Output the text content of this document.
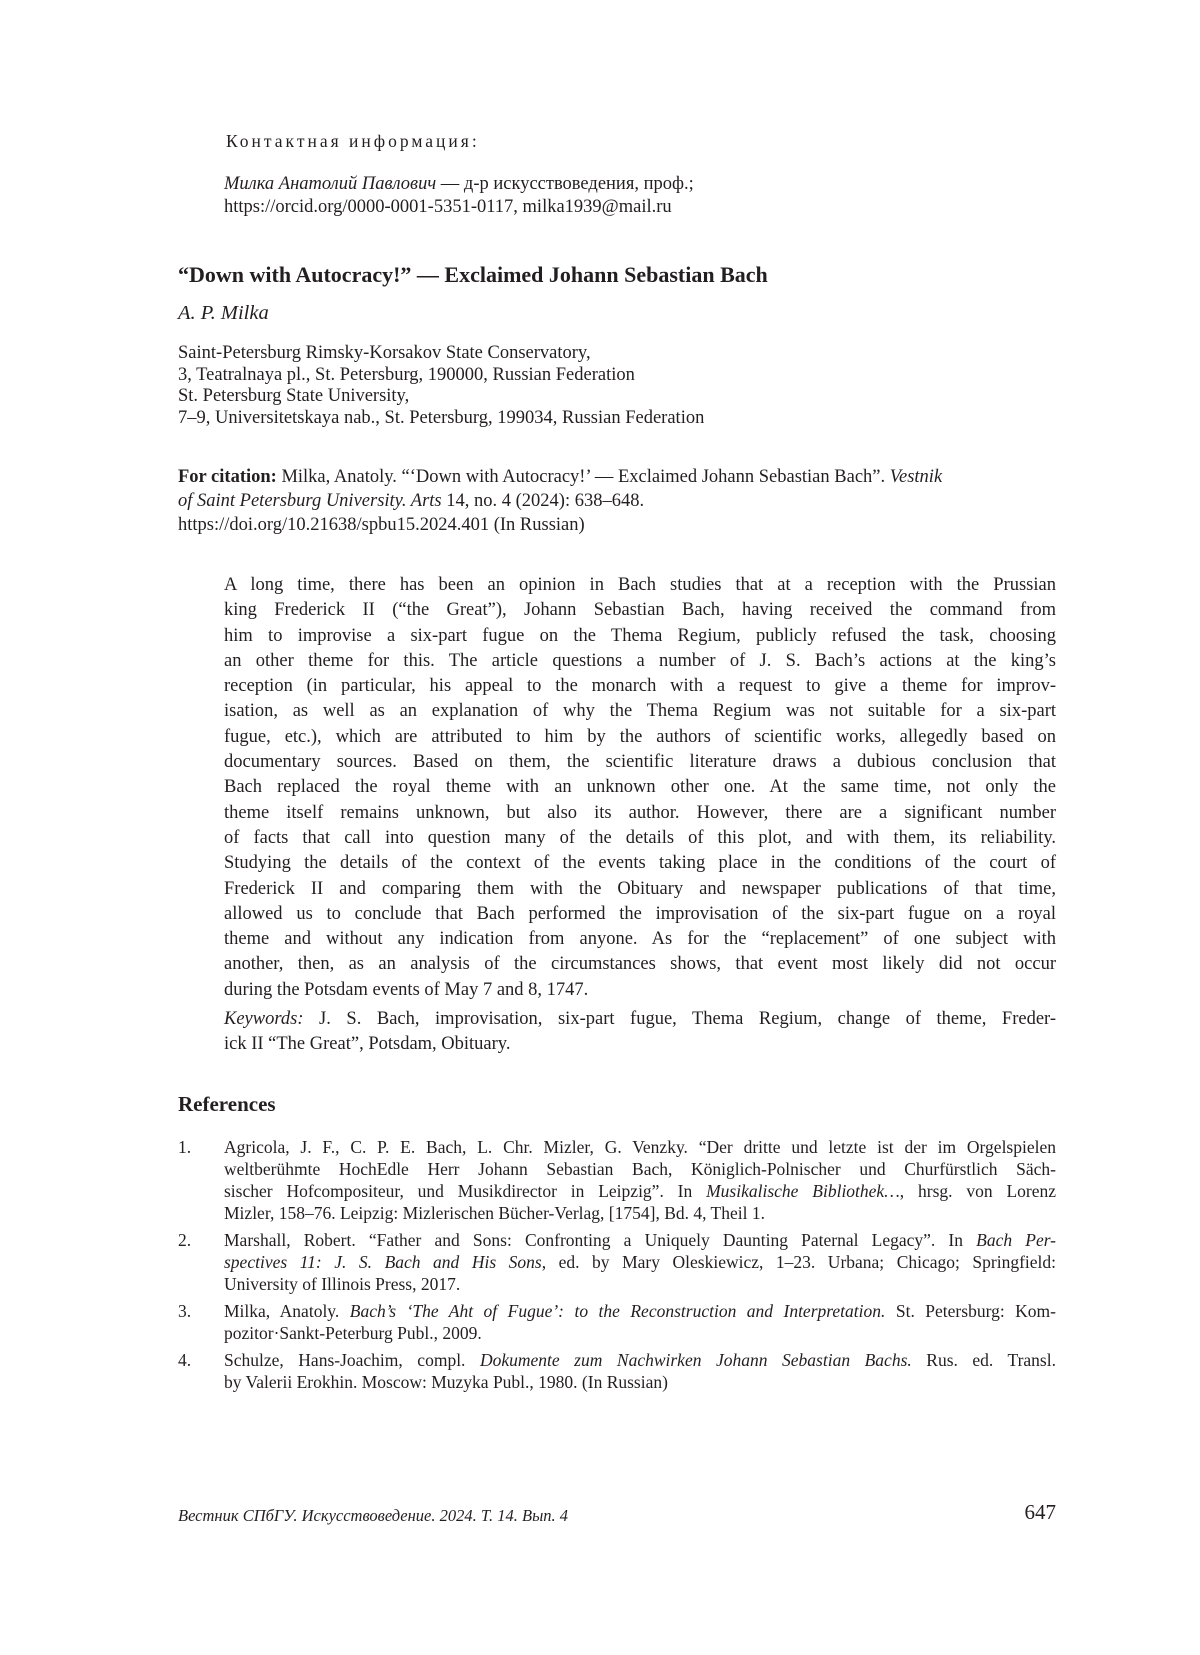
Контактная информация:
Милка Анатолий Павлович — д-р искусствоведения, проф.;
https://orcid.org/0000-0001-5351-0117, milka1939@mail.ru
“Down with Autocracy!” — Exclaimed Johann Sebastian Bach
A. P. Milka
Saint-Petersburg Rimsky-Korsakov State Conservatory,
3, Teatralnaya pl., St. Petersburg, 190000, Russian Federation
St. Petersburg State University,
7–9, Universitetskaya nab., St. Petersburg, 199034, Russian Federation
For citation: Milka, Anatoly. “‘Down with Autocracy!’ — Exclaimed Johann Sebastian Bach”. Vestnik
of Saint Petersburg University. Arts 14, no. 4 (2024): 638–648.
https://doi.org/10.21638/spbu15.2024.401 (In Russian)
A long time, there has been an opinion in Bach studies that at a reception with the Prussian
king Frederick II (“the Great”), Johann Sebastian Bach, having received the command from
him to improvise a six-part fugue on the Thema Regium, publicly refused the task, choosing
an other theme for this. The article questions a number of J. S. Bach’s actions at the king’s
reception (in particular, his appeal to the monarch with a request to give a theme for improv-
isation, as well as an explanation of why the Thema Regium was not suitable for a six-part
fugue, etc.), which are attributed to him by the authors of scientific works, allegedly based on
documentary sources. Based on them, the scientific literature draws a dubious conclusion that
Bach replaced the royal theme with an unknown other one. At the same time, not only the
theme itself remains unknown, but also its author. However, there are a significant number
of facts that call into question many of the details of this plot, and with them, its reliability.
Studying the details of the context of the events taking place in the conditions of the court of
Frederick II and comparing them with the Obituary and newspaper publications of that time,
allowed us to conclude that Bach performed the improvisation of the six-part fugue on a royal
theme and without any indication from anyone. As for the “replacement” of one subject with
another, then, as an analysis of the circumstances shows, that event most likely did not occur
during the Potsdam events of May 7 and 8, 1747.
Keywords: J. S. Bach, improvisation, six-part fugue, Thema Regium, change of theme, Freder-
ick II “The Great”, Potsdam, Obituary.
References
1. Agricola, J. F., C. P. E. Bach, L. Chr. Mizler, G. Venzky. “Der dritte und letzte ist der im Orgelspielen
weltberühmte HochEdle Herr Johann Sebastian Bach, Königlich-Polnischer und Churfürstlich Säch-
sischer Hofcompositeur, und Musikdirector in Leipzig”. In Musikalische Bibliothek…, hrsg. von Lorenz
Mizler, 158–76. Leipzig: Mizlerischen Bücher-Verlag, [1754], Bd. 4, Theil 1.
2. Marshall, Robert. “Father and Sons: Confronting a Uniquely Daunting Paternal Legacy”. In Bach Per-
spectives 11: J. S. Bach and His Sons, ed. by Mary Oleskiewicz, 1–23. Urbana; Chicago; Springfield:
University of Illinois Press, 2017.
3. Milka, Anatoly. Bach’s ‘The Aht of Fugue’: to the Reconstruction and Interpretation. St. Petersburg: Kom-
pozitor·Sankt-Peterburg Publ., 2009.
4. Schulze, Hans-Joachim, compl. Dokumente zum Nachwirken Johann Sebastian Bachs. Rus. ed. Transl.
by Valerii Erokhin. Moscow: Muzyka Publ., 1980. (In Russian)
Вестник СПбГУ. Искусствоведение. 2024. Т. 14. Вып. 4	647
